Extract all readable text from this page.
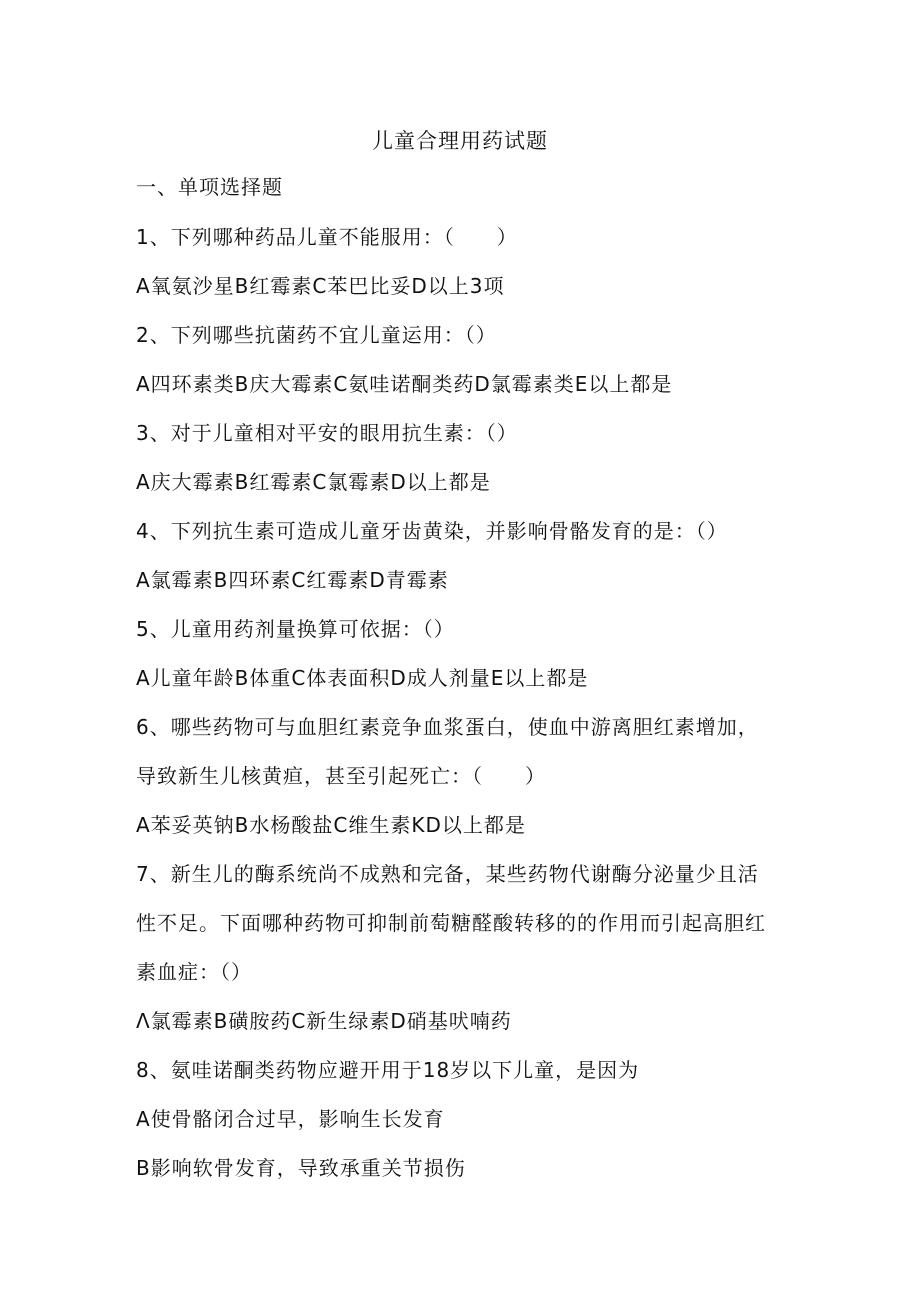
儿童合理用药试题
一、单项选择题
1、下列哪种药品儿童不能服用：（　　）
A氧氨沙星B红霉素C苯巴比妥D以上3项
2、下列哪些抗菌药不宜儿童运用：（）
A四环素类B庆大霉素C氨哇诺酮类药D氯霉素类E以上都是
3、对于儿童相对平安的眼用抗生素：（）
A庆大霉素B红霉素C氯霉素D以上都是
4、下列抗生素可造成儿童牙齿黄染，并影响骨骼发育的是：（）
A氯霉素B四环素C红霉素D青霉素
5、儿童用药剂量换算可依据：（）
A儿童年龄B体重C体表面积D成人剂量E以上都是
6、哪些药物可与血胆红素竞争血浆蛋白，使血中游离胆红素增加，
导致新生儿核黄疸，甚至引起死亡：（　　）
A苯妥英钠B水杨酸盐C维生素KD以上都是
7、新生儿的酶系统尚不成熟和完备，某些药物代谢酶分泌量少且活
性不足。下面哪种药物可抑制前萄糖醛酸转移的的作用而引起高胆红
素血症：（）
Λ氯霉素B磺胺药C新生绿素D硝基吠喃药
8、氨哇诺酮类药物应避开用于18岁以下儿童，是因为
A使骨骼闭合过早，影响生长发育
B影响软骨发育，导致承重关节损伤
